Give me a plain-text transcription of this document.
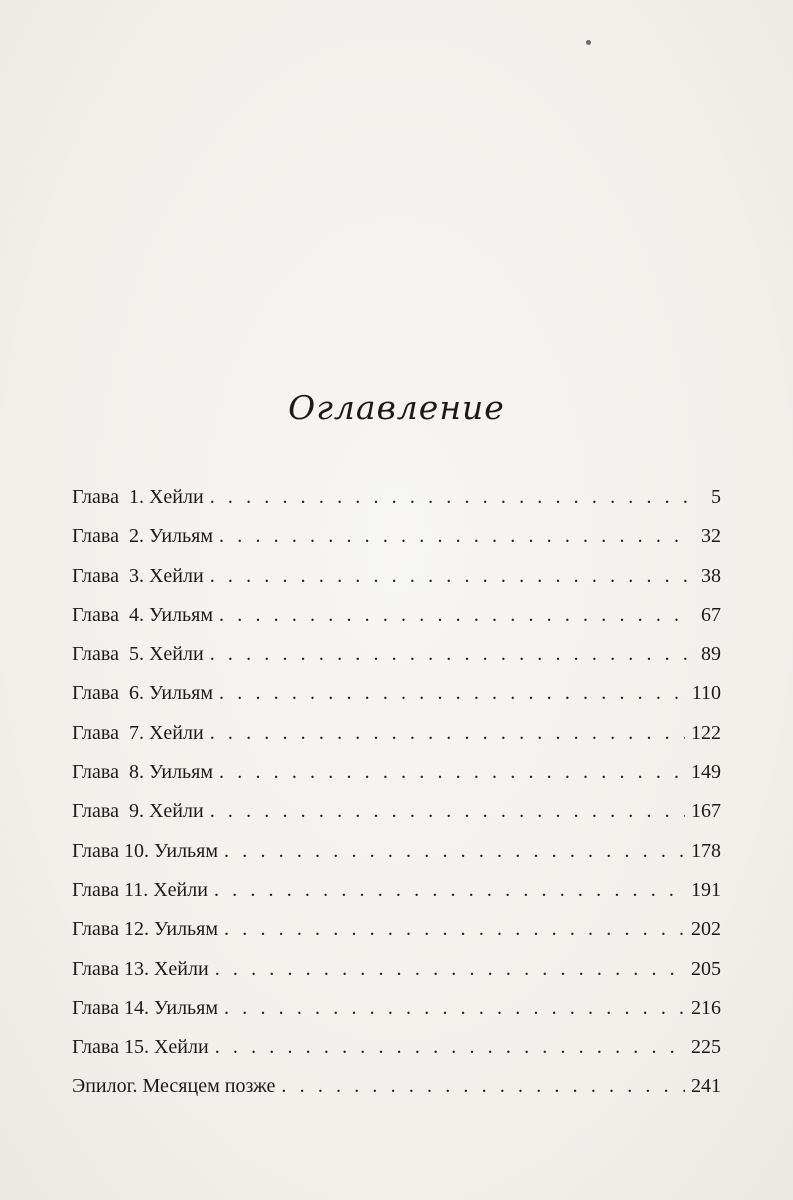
Оглавление
Глава  1. Хейли . . .	5
Глава  2. Уильям . . .	32
Глава  3. Хейли . . .	38
Глава  4. Уильям . . .	67
Глава  5. Хейли . . .	89
Глава  6. Уильям . . .	110
Глава  7. Хейли . . .	122
Глава  8. Уильям . . .	149
Глава  9. Хейли . . .	167
Глава 10. Уильям . . .	178
Глава 11. Хейли . . .	191
Глава 12. Уильям . . .	202
Глава 13. Хейли . . .	205
Глава 14. Уильям . . .	216
Глава 15. Хейли . . .	225
Эпилог. Месяцем позже . . .	241
